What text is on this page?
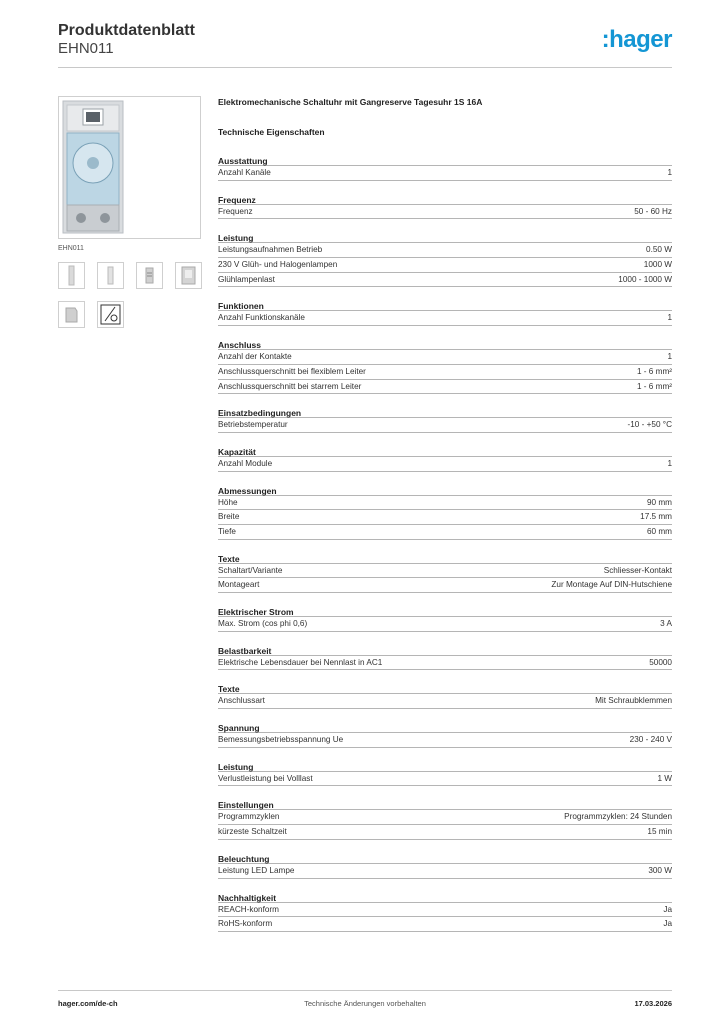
Produktdatenblatt
EHN011	:hager
EHN011
Elektromechanische Schaltuhr mit Gangreserve Tagesuhr 1S 16A
Technische Eigenschaften
Ausstattung
Anzahl Kanäle	1
Frequenz
Frequenz	50 - 60 Hz
Leistung
Leistungsaufnahmen Betrieb	0.50 W
230 V Glüh- und Halogenlampen	1000 W
Glühlampenlast	1000 - 1000 W
Funktionen
Anzahl Funktionskanäle	1
Anschluss
Anzahl der Kontakte	1
Anschlussquerschnitt bei flexiblem Leiter	1 - 6 mm²
Anschlussquerschnitt bei starrem Leiter	1 - 6 mm²
Einsatzbedingungen
Betriebstemperatur	-10 - +50 °C
Kapazität
Anzahl Module	1
Abmessungen
Höhe	90 mm
Breite	17.5 mm
Tiefe	60 mm
Texte
Schaltart/Variante	Schliesser-Kontakt
Montageart	Zur Montage Auf DIN-Hutschiene
Elektrischer Strom
Max. Strom (cos phi 0,6)	3 A
Belastbarkeit
Elektrische Lebensdauer bei Nennlast in AC1	50000
Texte
Anschlussart	Mit Schraubklemmen
Spannung
Bemessungsbetriebsspannung Ue	230 - 240 V
Leistung
Verlustleistung bei Volllast	1 W
Einstellungen
Programmzyklen	Programmzyklen: 24 Stunden
kürzeste Schaltzeit	15 min
Beleuchtung
Leistung LED Lampe	300 W
Nachhaltigkeit
REACH-konform	Ja
RoHS-konform	Ja
hager.com/de-ch	Technische Änderungen vorbehalten	17.03.2026
